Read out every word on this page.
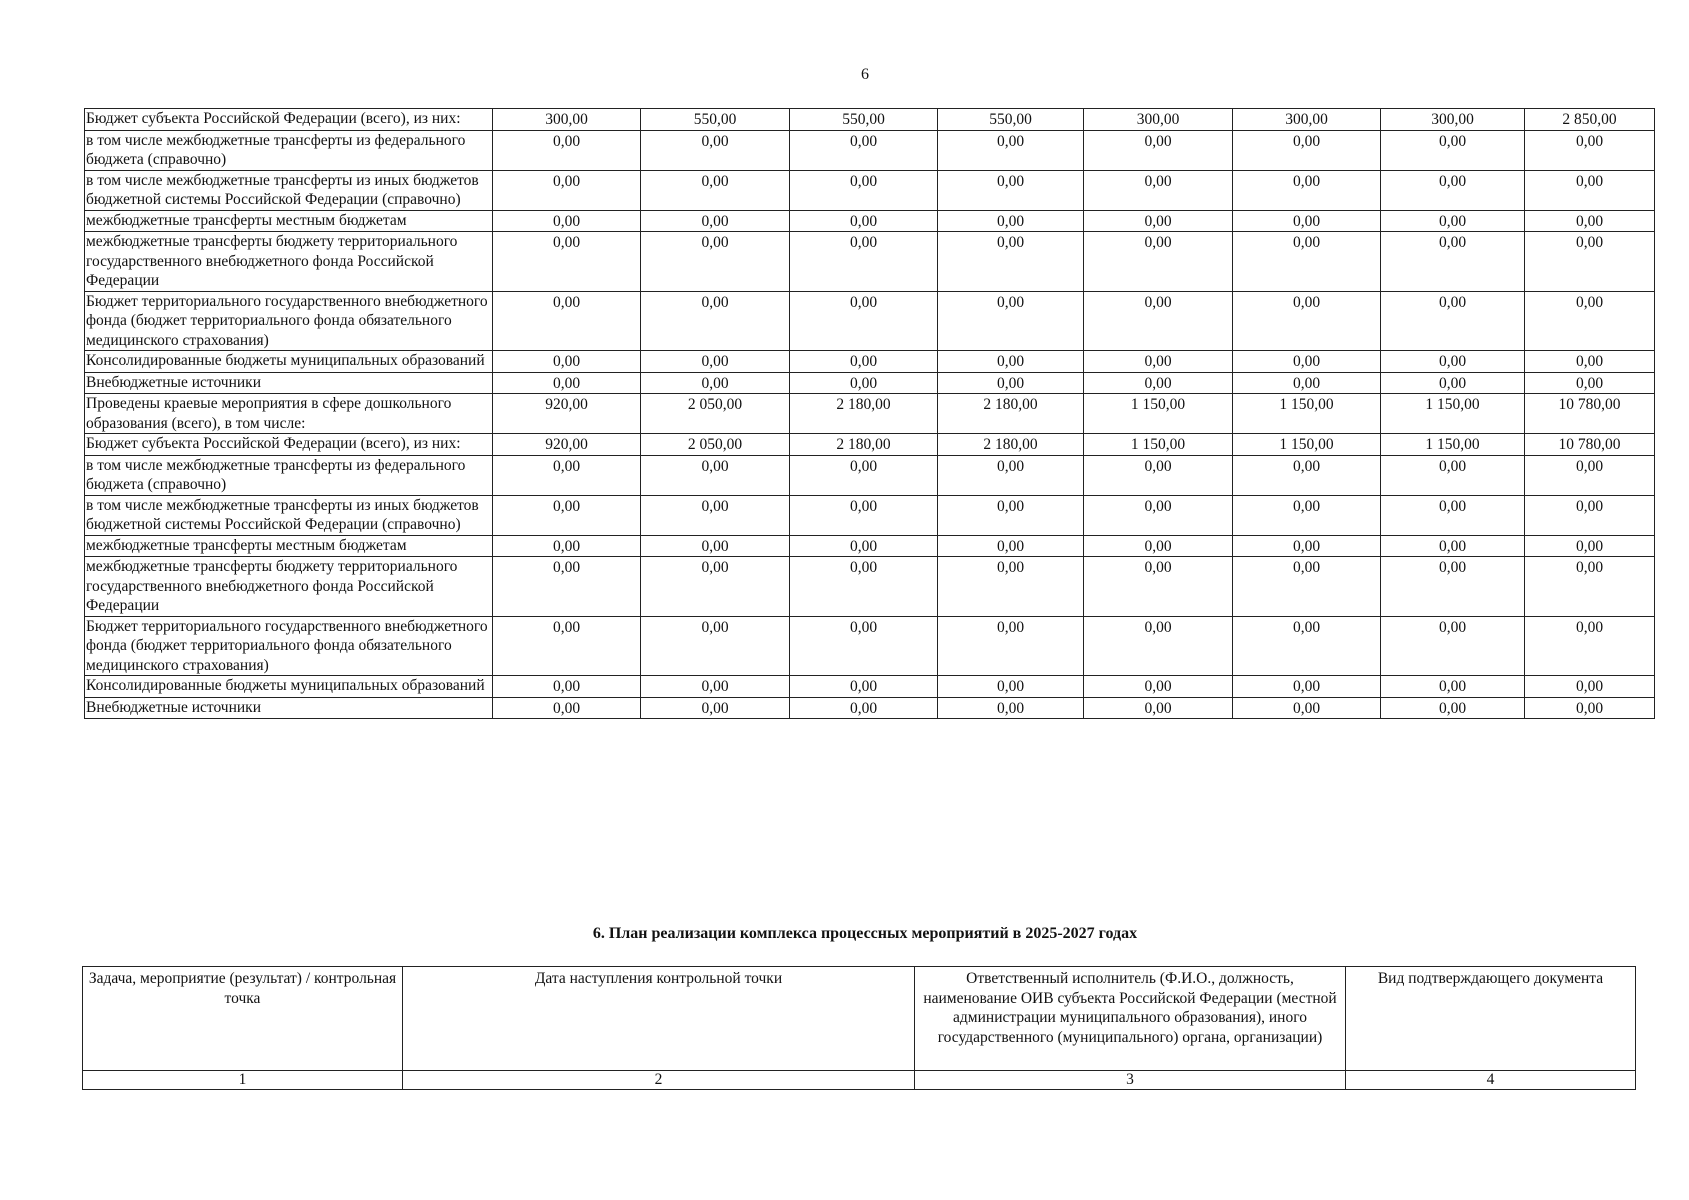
6
Бюджет субъекта Российской Федерации (всего), из них:	300,00	550,00	550,00	550,00	300,00	300,00	300,00	2 850,00
в том числе межбюджетные трансферты из федерального бюджета (справочно)	0,00	0,00	0,00	0,00	0,00	0,00	0,00	0,00
в том числе межбюджетные трансферты из иных бюджетов бюджетной системы Российской Федерации (справочно)	0,00	0,00	0,00	0,00	0,00	0,00	0,00	0,00
межбюджетные трансферты местным бюджетам	0,00	0,00	0,00	0,00	0,00	0,00	0,00	0,00
межбюджетные трансферты бюджету территориального государственного внебюджетного фонда Российской Федерации	0,00	0,00	0,00	0,00	0,00	0,00	0,00	0,00
Бюджет территориального государственного внебюджетного фонда (бюджет территориального фонда обязательного медицинского страхования)	0,00	0,00	0,00	0,00	0,00	0,00	0,00	0,00
Консолидированные бюджеты муниципальных образований	0,00	0,00	0,00	0,00	0,00	0,00	0,00	0,00
Внебюджетные источники	0,00	0,00	0,00	0,00	0,00	0,00	0,00	0,00
Проведены краевые мероприятия в сфере дошкольного образования (всего), в том числе:	920,00	2 050,00	2 180,00	2 180,00	1 150,00	1 150,00	1 150,00	10 780,00
Бюджет субъекта Российской Федерации (всего), из них:	920,00	2 050,00	2 180,00	2 180,00	1 150,00	1 150,00	1 150,00	10 780,00
в том числе межбюджетные трансферты из федерального бюджета (справочно)	0,00	0,00	0,00	0,00	0,00	0,00	0,00	0,00
в том числе межбюджетные трансферты из иных бюджетов бюджетной системы Российской Федерации (справочно)	0,00	0,00	0,00	0,00	0,00	0,00	0,00	0,00
межбюджетные трансферты местным бюджетам	0,00	0,00	0,00	0,00	0,00	0,00	0,00	0,00
межбюджетные трансферты бюджету территориального государственного внебюджетного фонда Российской Федерации	0,00	0,00	0,00	0,00	0,00	0,00	0,00	0,00
Бюджет территориального государственного внебюджетного фонда (бюджет территориального фонда обязательного медицинского страхования)	0,00	0,00	0,00	0,00	0,00	0,00	0,00	0,00
Консолидированные бюджеты муниципальных образований	0,00	0,00	0,00	0,00	0,00	0,00	0,00	0,00
Внебюджетные источники	0,00	0,00	0,00	0,00	0,00	0,00	0,00	0,00
6. План реализации комплекса процессных мероприятий в 2025-2027 годах
Задача, мероприятие (результат) / контрольная точка	Дата наступления контрольной точки	Ответственный исполнитель (Ф.И.О., должность, наименование ОИВ субъекта Российской Федерации (местной администрации муниципального образования), иного государственного (муниципального) органа, организации)	Вид подтверждающего документа
1	2	3	4
